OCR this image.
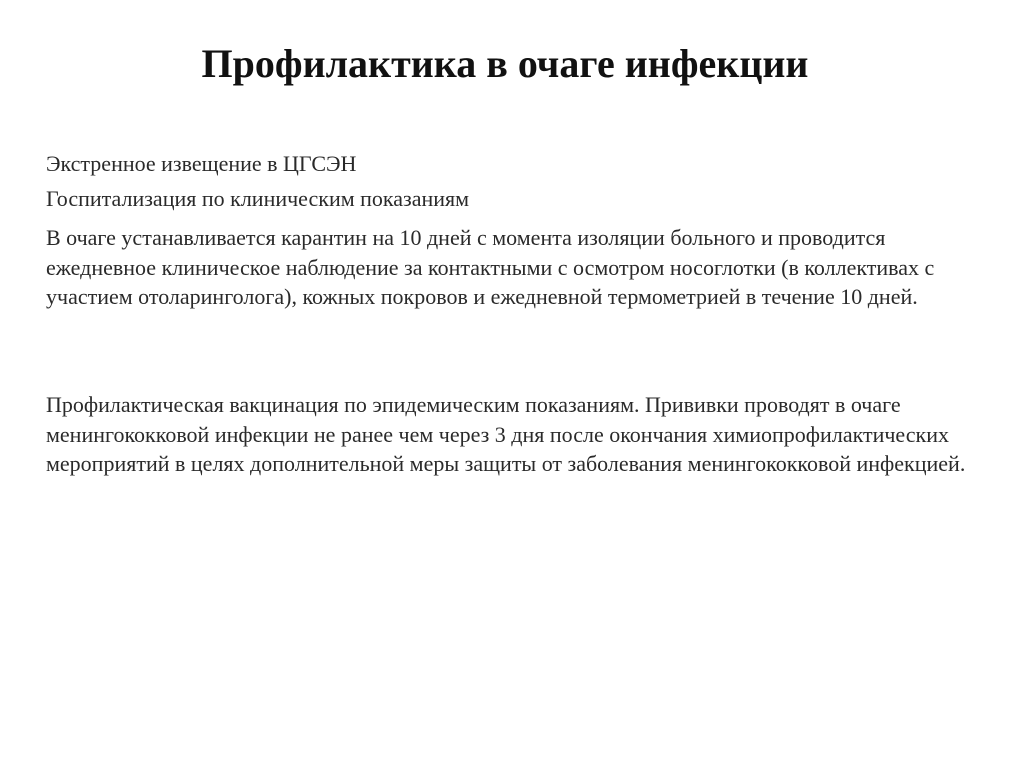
Профилактика в очаге инфекции
Экстренное извещение в ЦГСЭН
Госпитализация по клиническим показаниям
В очаге устанавливается карантин на 10 дней с момента изоляции больного и проводится ежедневное клиническое наблюдение за контактными с осмотром носоглотки (в коллективах с участием отоларинголога), кожных покровов и ежедневной термометрией в течение 10 дней.
Профилактическая вакцинация по эпидемическим показаниям. Прививки проводят в очаге менингококковой инфекции не ранее чем через 3 дня после окончания химиопрофилактических мероприятий в целях дополнительной меры защиты от заболевания менингококковой инфекцией.
